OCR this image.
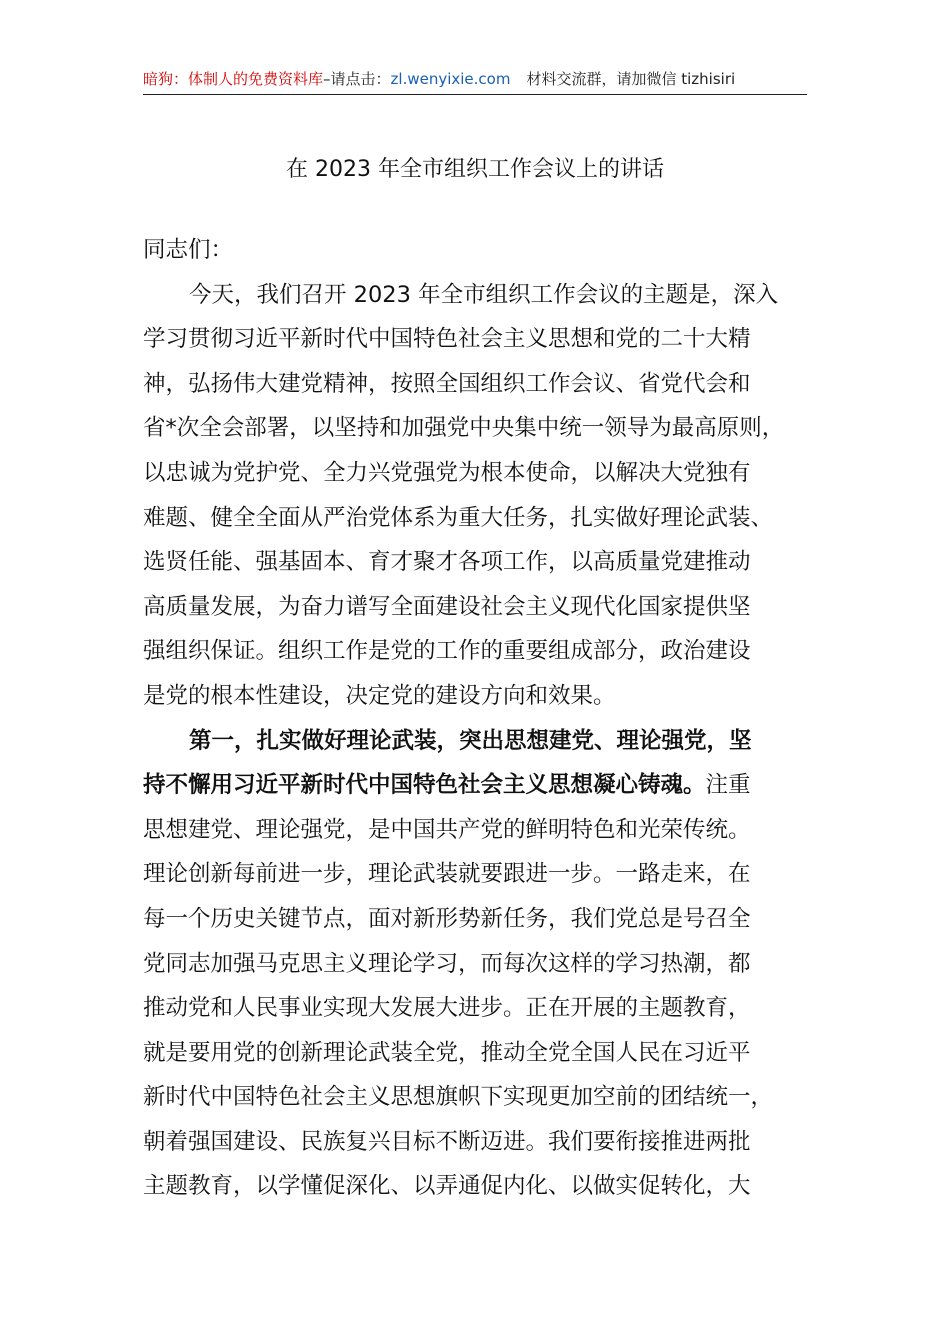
暗狗：体制人的免费资料库–请点击：zl.wenyixie.com 材料交流群，请加微信 tizhisiri
在 2023 年全市组织工作会议上的讲话
同志们：
今天，我们召开 2023 年全市组织工作会议的主题是，深入
学习贯彻习近平新时代中国特色社会主义思想和党的二十大精
神，弘扬伟大建党精神，按照全国组织工作会议、省党代会和
省*次全会部署，以坚持和加强党中央集中统一领导为最高原则，
以忠诚为党护党、全力兴党强党为根本使命，以解决大党独有
难题、健全全面从严治党体系为重大任务，扎实做好理论武装、
选贤任能、强基固本、育才聚才各项工作，以高质量党建推动
高质量发展，为奋力谱写全面建设社会主义现代化国家提供坚
强组织保证。组织工作是党的工作的重要组成部分，政治建设
是党的根本性建设，决定党的建设方向和效果。
第一，扎实做好理论武装，突出思想建党、理论强党，坚
持不懈用习近平新时代中国特色社会主义思想凝心铸魂。注重
思想建党、理论强党，是中国共产党的鲜明特色和光荣传统。
理论创新每前进一步，理论武装就要跟进一步。一路走来，在
每一个历史关键节点，面对新形势新任务，我们党总是号召全
党同志加强马克思主义理论学习，而每次这样的学习热潮，都
推动党和人民事业实现大发展大进步。正在开展的主题教育，
就是要用党的创新理论武装全党，推动全党全国人民在习近平
新时代中国特色社会主义思想旗帜下实现更加空前的团结统一，
朝着强国建设、民族复兴目标不断迈进。我们要衔接推进两批
主题教育，以学懂促深化、以弄通促内化、以做实促转化，大
